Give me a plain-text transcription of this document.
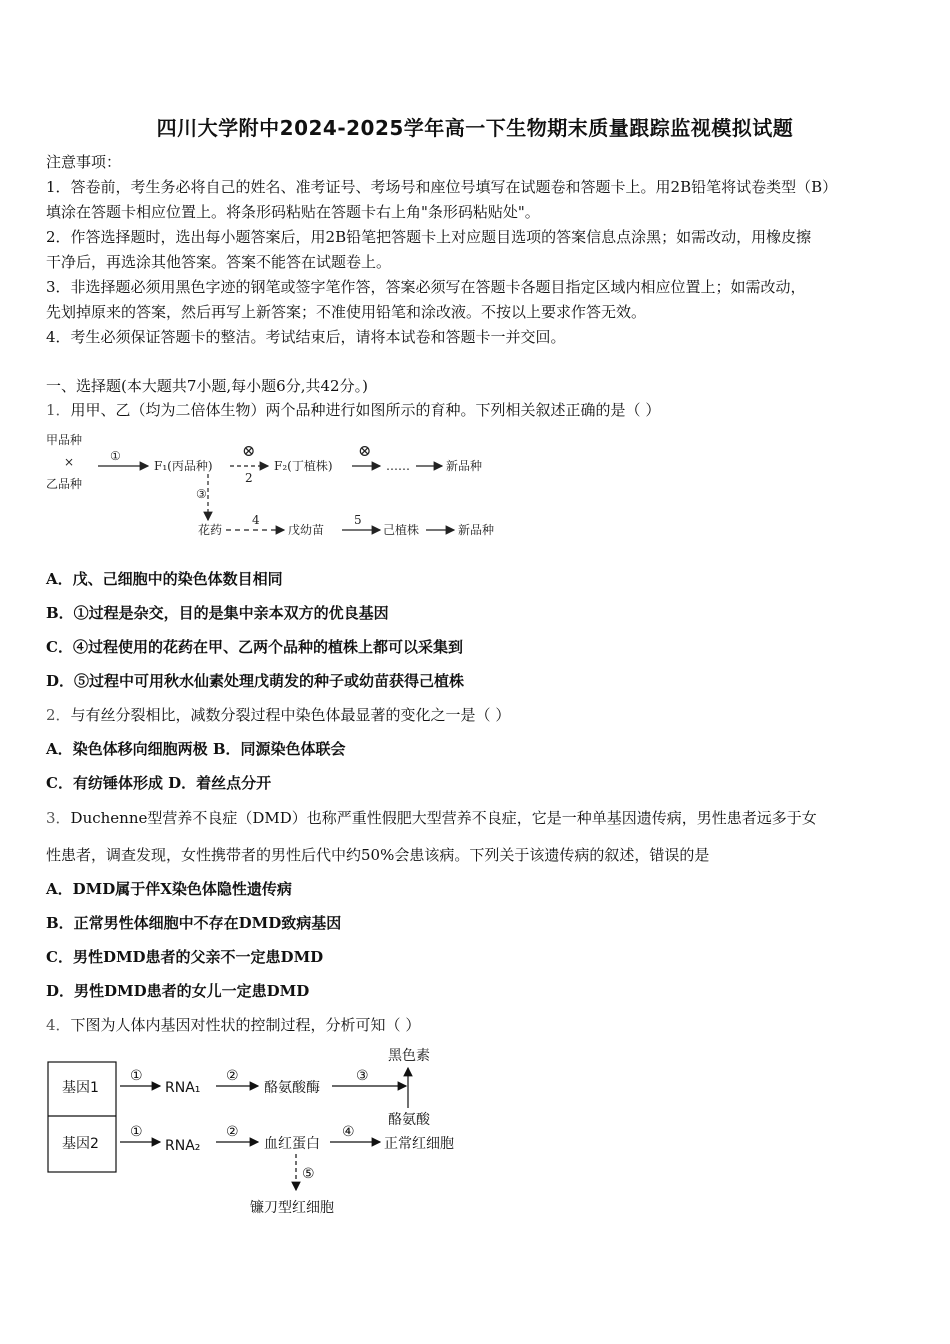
四川大学附中2024-2025学年高一下生物期末质量跟踪监视模拟试题
注意事项：
1．答卷前，考生务必将自己的姓名、准考证号、考场号和座位号填写在试题卷和答题卡上。用2B铅笔将试卷类型（B）
填涂在答题卡相应位置上。将条形码粘贴在答题卡右上角"条形码粘贴处"。
2．作答选择题时，选出每小题答案后，用2B铅笔把答题卡上对应题目选项的答案信息点涂黑；如需改动，用橡皮擦
干净后，再选涂其他答案。答案不能答在试题卷上。
3．非选择题必须用黑色字迹的钢笔或签字笔作答，答案必须写在答题卡各题目指定区域内相应位置上；如需改动，
先划掉原来的答案，然后再写上新答案；不准使用铅笔和涂改液。不按以上要求作答无效。
4．考生必须保证答题卡的整洁。考试结束后，请将本试卷和答题卡一并交回。
一、选择题(本大题共7小题,每小题6分,共42分。)
1．用甲、乙（均为二倍体生物）两个品种进行如图所示的育种。下列相关叙述正确的是（ ）
甲品种
×
乙品种
①
F₁(丙品种)
⊗
2
F₂(丁植株)
⊗
……	新品种
③
花药
4
戊幼苗
5
己植株	新品种
A．戊、己细胞中的染色体数目相同
B．①过程是杂交，目的是集中亲本双方的优良基因
C．④过程使用的花药在甲、乙两个品种的植株上都可以采集到
D．⑤过程中可用秋水仙素处理戊萌发的种子或幼苗获得己植株
2．与有丝分裂相比，减数分裂过程中染色体最显著的变化之一是（ ）
A．染色体移向细胞两极 B．同源染色体联会
C．有纺锤体形成 D．着丝点分开
3．Duchenne型营养不良症（DMD）也称严重性假肥大型营养不良症，它是一种单基因遗传病，男性患者远多于女
性患者，调查发现，女性携带者的男性后代中约50%会患该病。下列关于该遗传病的叙述，错误的是
A．DMD属于伴X染色体隐性遗传病
B．正常男性体细胞中不存在DMD致病基因
C．男性DMD患者的父亲不一定患DMD
D．男性DMD患者的女儿一定患DMD
4．下图为人体内基因对性状的控制过程，分析可知（ ）
基因1
基因2
①
RNA₁
②
酪氨酸酶
③
黑色素
酪氨酸
①
RNA₂
②
血红蛋白
④
正常红细胞
⑤
镰刀型红细胞
